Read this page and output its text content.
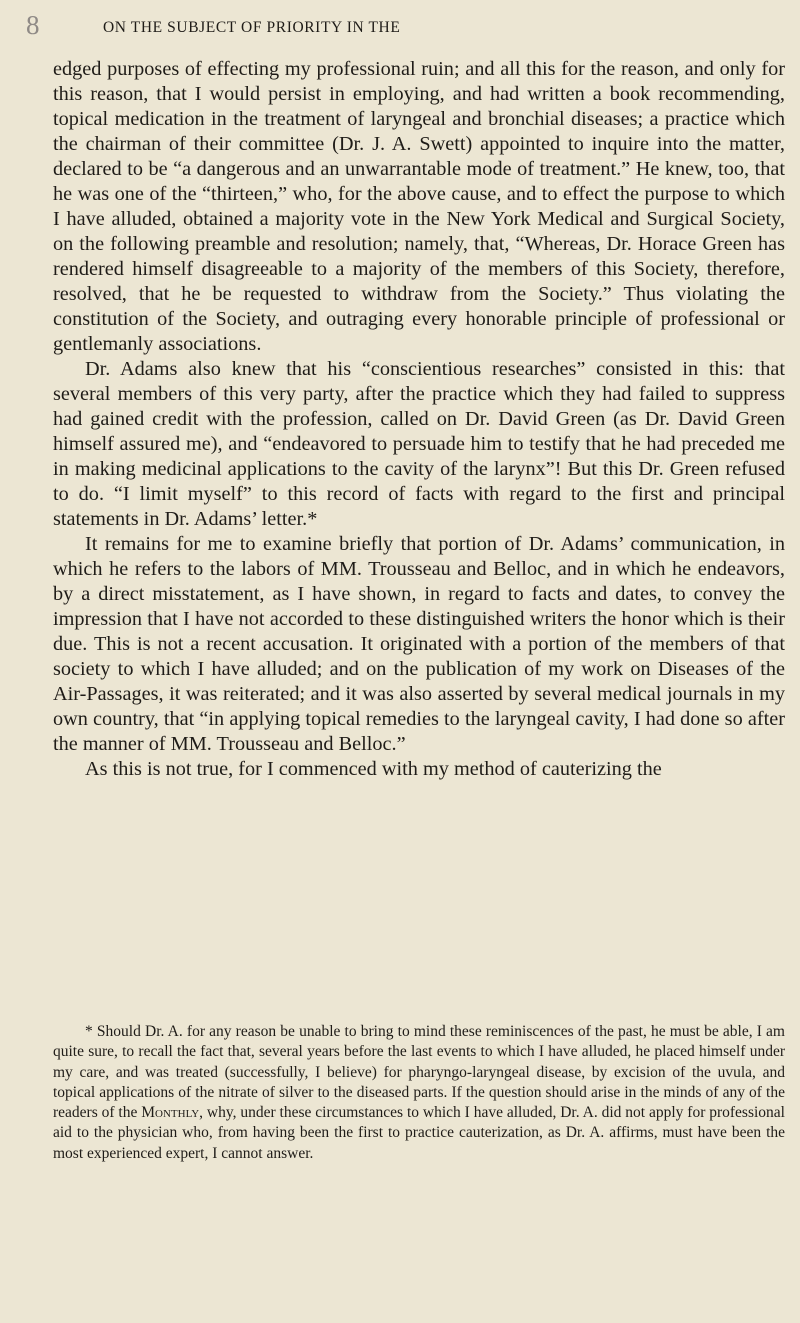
8	ON THE SUBJECT OF PRIORITY IN THE

edged purposes of effecting my professional ruin; and all this for the reason, and only for this reason, that I would persist in employing, and had written a book recommending, topical medication in the treatment of laryngeal and bronchial diseases; a practice which the chairman of their committee (Dr. J. A. Swett) appointed to inquire into the matter, declared to be “a dangerous and an unwarrantable mode of treatment.” He knew, too, that he was one of the “thirteen,” who, for the above cause, and to effect the purpose to which I have alluded, obtained a majority vote in the New York Medical and Surgical Society, on the following preamble and resolution; namely, that, “Whereas, Dr. Horace Green has rendered himself disagreeable to a majority of the members of this Society, therefore, resolved, that he be requested to withdraw from the Society.” Thus violating the constitution of the Society, and outraging every honorable principle of professional or gentlemanly associations.

Dr. Adams also knew that his “conscientious researches” consisted in this: that several members of this very party, after the practice which they had failed to suppress had gained credit with the profession, called on Dr. David Green (as Dr. David Green himself assured me), and “endeavored to persuade him to testify that he had preceded me in making medicinal applications to the cavity of the larynx”! But this Dr. Green refused to do. “I limit myself” to this record of facts with regard to the first and principal statements in Dr. Adams’ letter.*

It remains for me to examine briefly that portion of Dr. Adams’ communication, in which he refers to the labors of MM. Trousseau and Belloc, and in which he endeavors, by a direct misstatement, as I have shown, in regard to facts and dates, to convey the impression that I have not accorded to these distinguished writers the honor which is their due. This is not a recent accusation. It originated with a portion of the members of that society to which I have alluded; and on the publication of my work on Diseases of the Air-Passages, it was reiterated; and it was also asserted by several medical journals in my own country, that “in applying topical remedies to the laryngeal cavity, I had done so after the manner of MM. Trousseau and Belloc.”

As this is not true, for I commenced with my method of cauterizing the

* Should Dr. A. for any reason be unable to bring to mind these reminiscences of the past, he must be able, I am quite sure, to recall the fact that, several years before the last events to which I have alluded, he placed himself under my care, and was treated (successfully, I believe) for pharyngo-laryngeal disease, by excision of the uvula, and topical applications of the nitrate of silver to the diseased parts. If the question should arise in the minds of any of the readers of the Monthly, why, under these circumstances to which I have alluded, Dr. A. did not apply for professional aid to the physician who, from having been the first to practice cauterization, as Dr. A. affirms, must have been the most experienced expert, I cannot answer.
